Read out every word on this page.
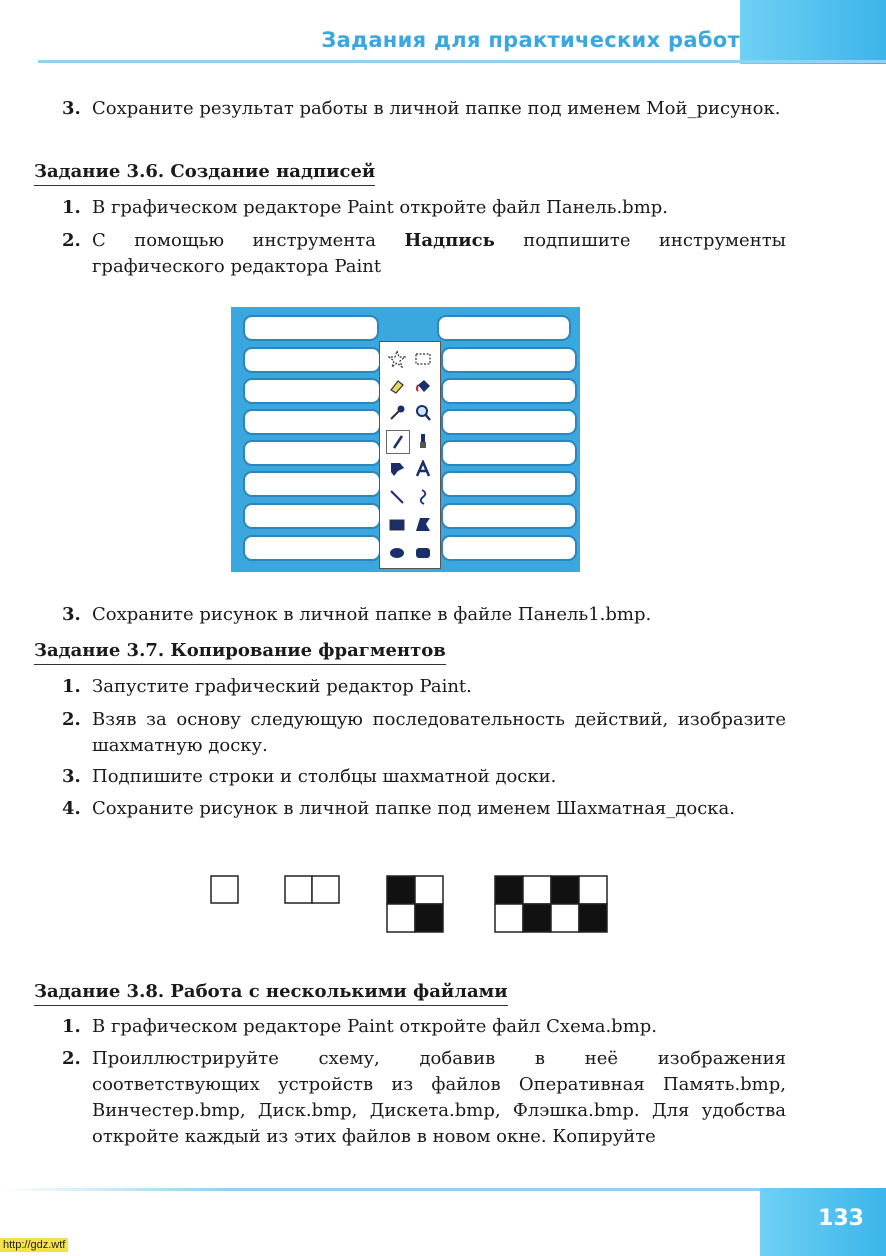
Задания для практических работ
3. Сохраните результат работы в личной папке под именем Мой_рисунок.
Задание 3.6. Создание надписей
1. В графическом редакторе Paint откройте файл Панель.bmp.
2. С помощью инструмента Надпись подпишите инструменты графического редактора Paint
3. Сохраните рисунок в личной папке в файле Панель1.bmp.
Задание 3.7. Копирование фрагментов
1. Запустите графический редактор Paint.
2. Взяв за основу следующую последовательность действий, изобразите шахматную доску.
3. Подпишите строки и столбцы шахматной доски.
4. Сохраните рисунок в личной папке под именем Шахматная_доска.
Задание 3.8. Работа с несколькими файлами
1. В графическом редакторе Paint откройте файл Схема.bmp.
2. Проиллюстрируйте схему, добавив в неё изображения соответствующих устройств из файлов Оперативная Память.bmp, Винчестер.bmp, Диск.bmp, Дискета.bmp, Флэшка.bmp. Для удобства откройте каждый из этих файлов в новом окне. Копируйте
133
http://gdz.wtf
